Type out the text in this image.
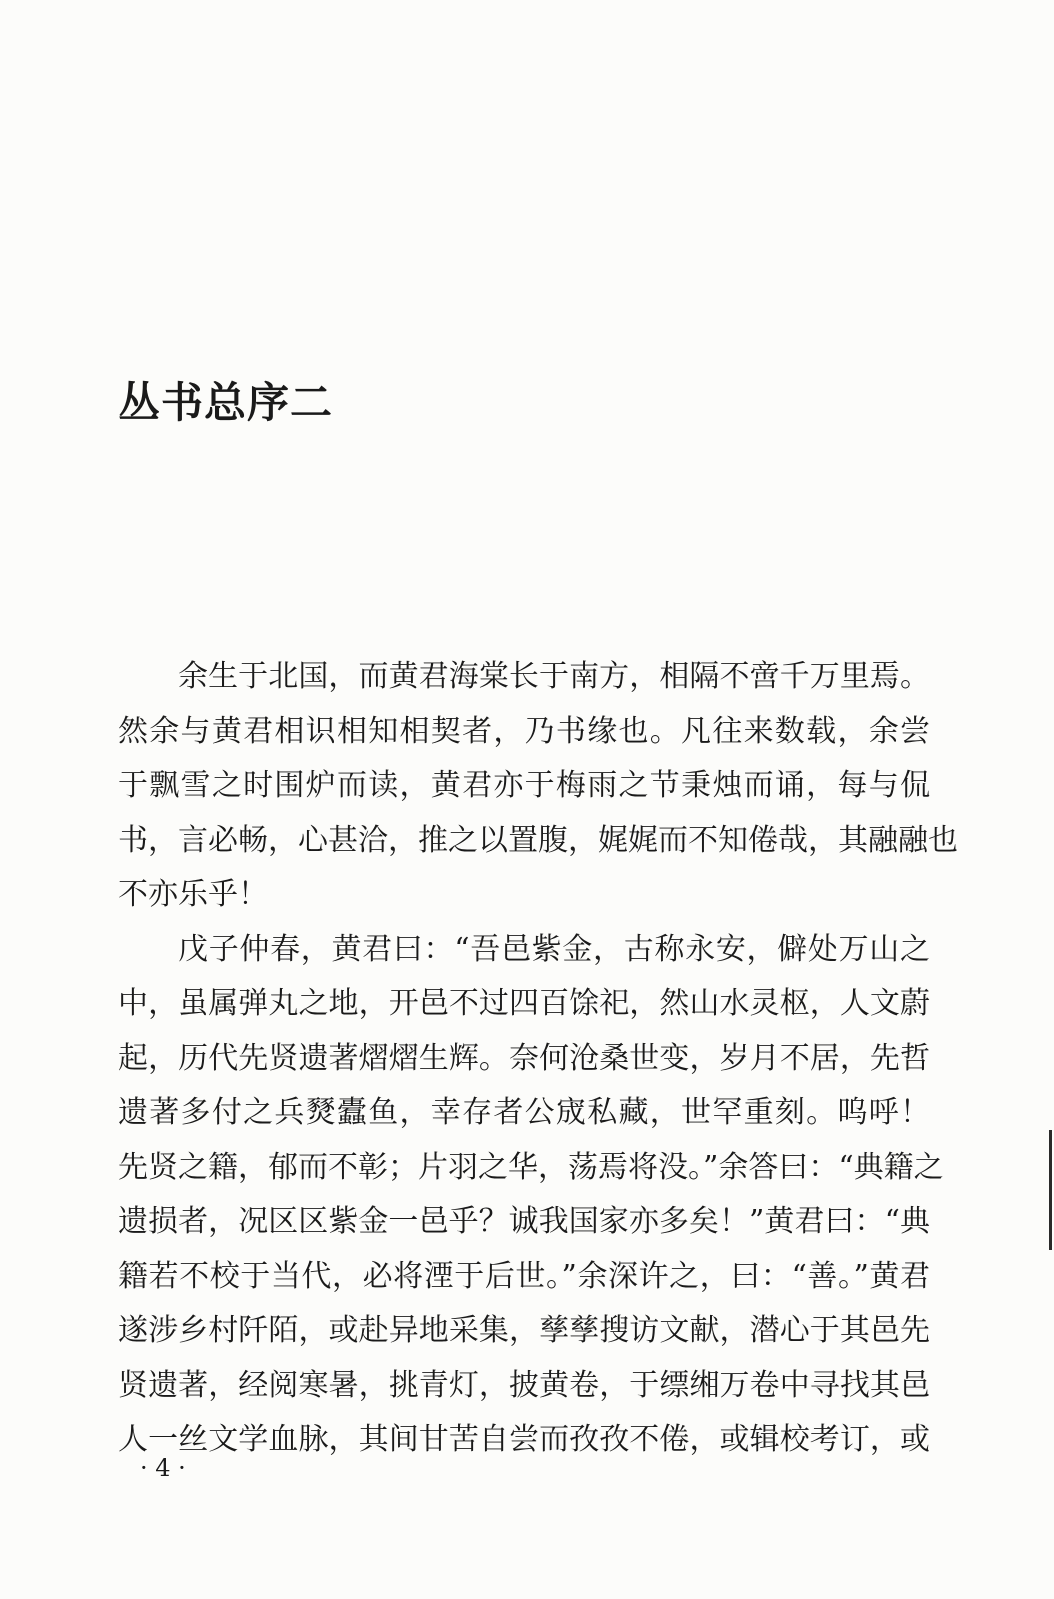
丛书总序二
余生于北国，而黄君海棠长于南方，相隔不啻千万里焉。
然余与黄君相识相知相契者，乃书缘也。凡往来数载，余尝
于飘雪之时围炉而读，黄君亦于梅雨之节秉烛而诵，每与侃
书，言必畅，心甚洽，推之以置腹，娓娓而不知倦哉，其融融也
不亦乐乎！
戊子仲春，黄君曰：“吾邑紫金，古称永安，僻处万山之
中，虽属弹丸之地，开邑不过四百馀祀，然山水灵枢，人文蔚
起，历代先贤遗著熠熠生辉。奈何沧桑世变，岁月不居，先哲
遗著多付之兵燹蠹鱼，幸存者公宬私藏，世罕重刻。呜呼！
先贤之籍，郁而不彰；片羽之华，荡焉将没。”余答曰：“典籍之
遗损者，况区区紫金一邑乎？诚我国家亦多矣！”黄君曰：“典
籍若不校于当代，必将湮于后世。”余深许之，曰：“善。”黄君
遂涉乡村阡陌，或赴异地采集，孳孳搜访文献，潜心于其邑先
贤遗著，经阅寒暑，挑青灯，披黄卷，于缥缃万卷中寻找其邑
人一丝文学血脉，其间甘苦自尝而孜孜不倦，或辑校考订，或
· 4 ·
